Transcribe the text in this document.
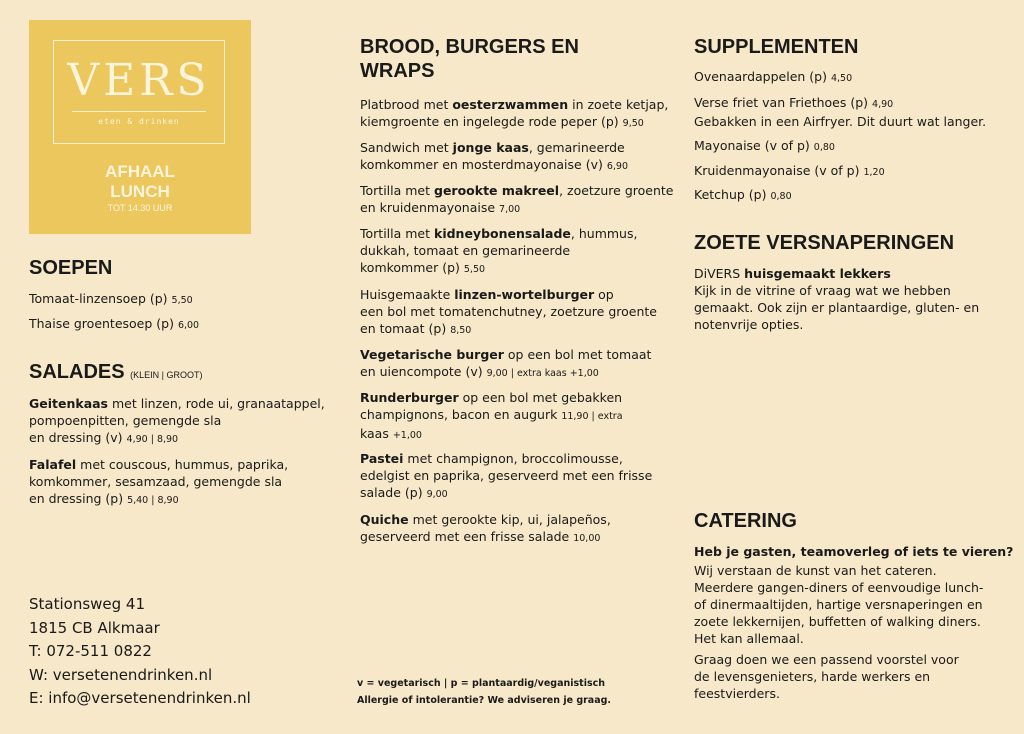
VERS
eten & drinken
AFHAAL
LUNCH
TOT 14.30 UUR
SOEPEN
Tomaat-linzensoep (p) 5,50
Thaise groentesoep (p) 6,00
SALADES (KLEIN | GROOT)
Geitenkaas met linzen, rode ui, granaatappel,
pompoenpitten, gemengde sla
en dressing (v) 4,90 | 8,90
Falafel met couscous, hummus, paprika,
komkommer, sesamzaad, gemengde sla
en dressing (p) 5,40 | 8,90
Stationsweg 41
1815 CB Alkmaar
T: 072-511 0822
W: versetenendrinken.nl
E: info@versetenendrinken.nl
BROOD, BURGERS EN
WRAPS
Platbrood met oesterzwammen in zoete ketjap,
kiemgroente en ingelegde rode peper (p) 9,50
Sandwich met jonge kaas, gemarineerde
komkommer en mosterdmayonaise (v) 6,90
Tortilla met gerookte makreel, zoetzure groente
en kruidenmayonaise 7,00
Tortilla met kidneybonensalade, hummus,
dukkah, tomaat en gemarineerde
komkommer (p) 5,50
Huisgemaakte linzen-wortelburger op
een bol met tomatenchutney, zoetzure groente
en tomaat (p) 8,50
Vegetarische burger op een bol met tomaat
en uiencompote (v) 9,00 | extra kaas +1,00
Runderburger op een bol met gebakken
champignons, bacon en augurk 11,90 | extra
kaas +1,00
Pastei met champignon, broccolimousse,
edelgist en paprika, geserveerd met een frisse
salade (p) 9,00
Quiche met gerookte kip, ui, jalapeños,
geserveerd met een frisse salade 10,00
v = vegetarisch | p = plantaardig/veganistisch
Allergie of intolerantie? We adviseren je graag.
SUPPLEMENTEN
Ovenaardappelen (p) 4,50
Verse friet van Friethoes (p) 4,90
Gebakken in een Airfryer. Dit duurt wat langer.
Mayonaise (v of p) 0,80
Kruidenmayonaise (v of p) 1,20
Ketchup (p) 0,80
ZOETE VERSNAPERINGEN
DiVERS huisgemaakt lekkers
Kijk in de vitrine of vraag wat we hebben
gemaakt. Ook zijn er plantaardige, gluten- en
notenvrije opties.
CATERING
Heb je gasten, teamoverleg of iets te vieren?
Wij verstaan de kunst van het cateren.
Meerdere gangen-diners of eenvoudige lunch-
of dinermaaltijden, hartige versnaperingen en
zoete lekkernijen, buffetten of walking diners.
Het kan allemaal.
Graag doen we een passend voorstel voor
de levensgenieters, harde werkers en
feestvierders.
